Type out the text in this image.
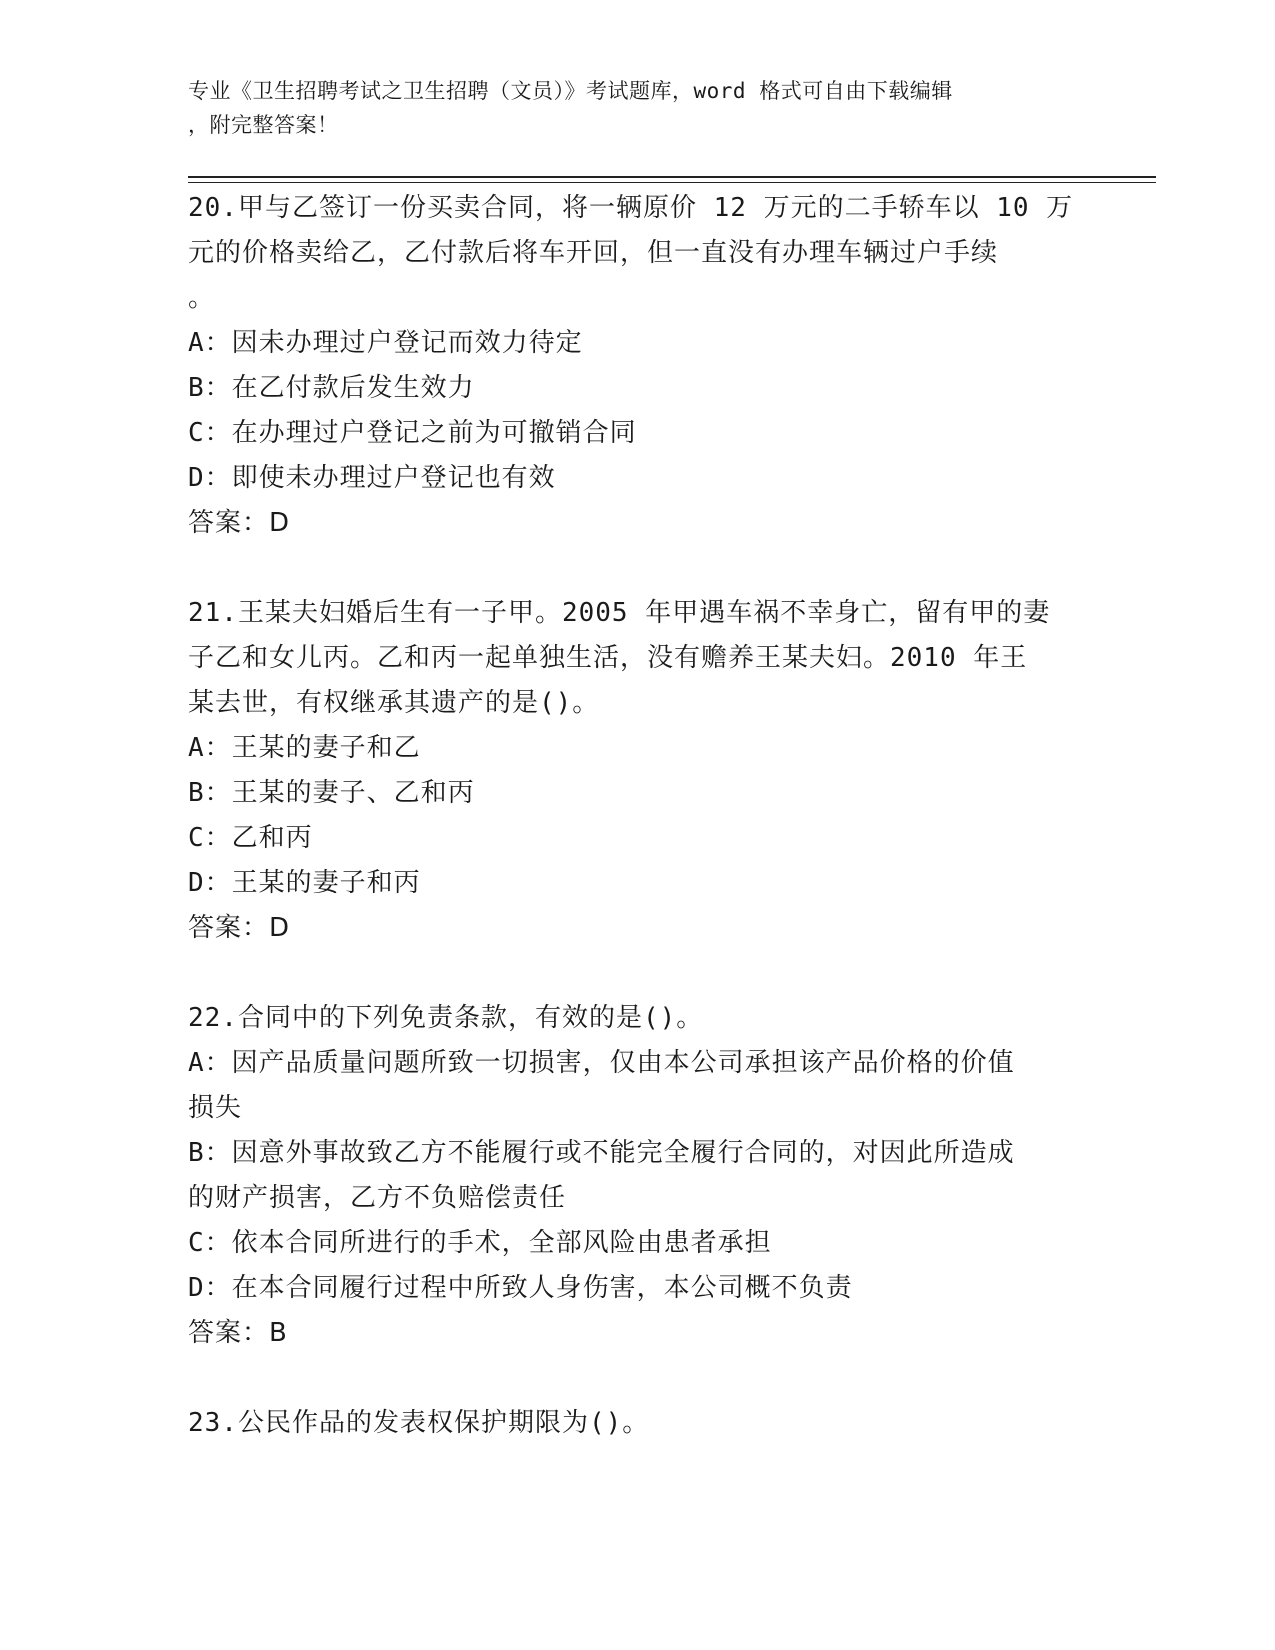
专业《卫生招聘考试之卫生招聘（文员）》考试题库，word 格式可自由下载编辑
，附完整答案！
20.甲与乙签订一份买卖合同，将一辆原价 12 万元的二手轿车以 10 万
元的价格卖给乙，乙付款后将车开回，但一直没有办理车辆过户手续
。
A：因未办理过户登记而效力待定
B：在乙付款后发生效力
C：在办理过户登记之前为可撤销合同
D：即使未办理过户登记也有效
答案：D
21.王某夫妇婚后生有一子甲。2005 年甲遇车祸不幸身亡，留有甲的妻
子乙和女儿丙。乙和丙一起单独生活，没有赡养王某夫妇。2010 年王
某去世，有权继承其遗产的是()。
A：王某的妻子和乙
B：王某的妻子、乙和丙
C：乙和丙
D：王某的妻子和丙
答案：D
22.合同中的下列免责条款，有效的是()。
A：因产品质量问题所致一切损害，仅由本公司承担该产品价格的价值
损失
B：因意外事故致乙方不能履行或不能完全履行合同的，对因此所造成
的财产损害，乙方不负赔偿责任
C：依本合同所进行的手术，全部风险由患者承担
D：在本合同履行过程中所致人身伤害，本公司概不负责
答案：B
23.公民作品的发表权保护期限为()。
